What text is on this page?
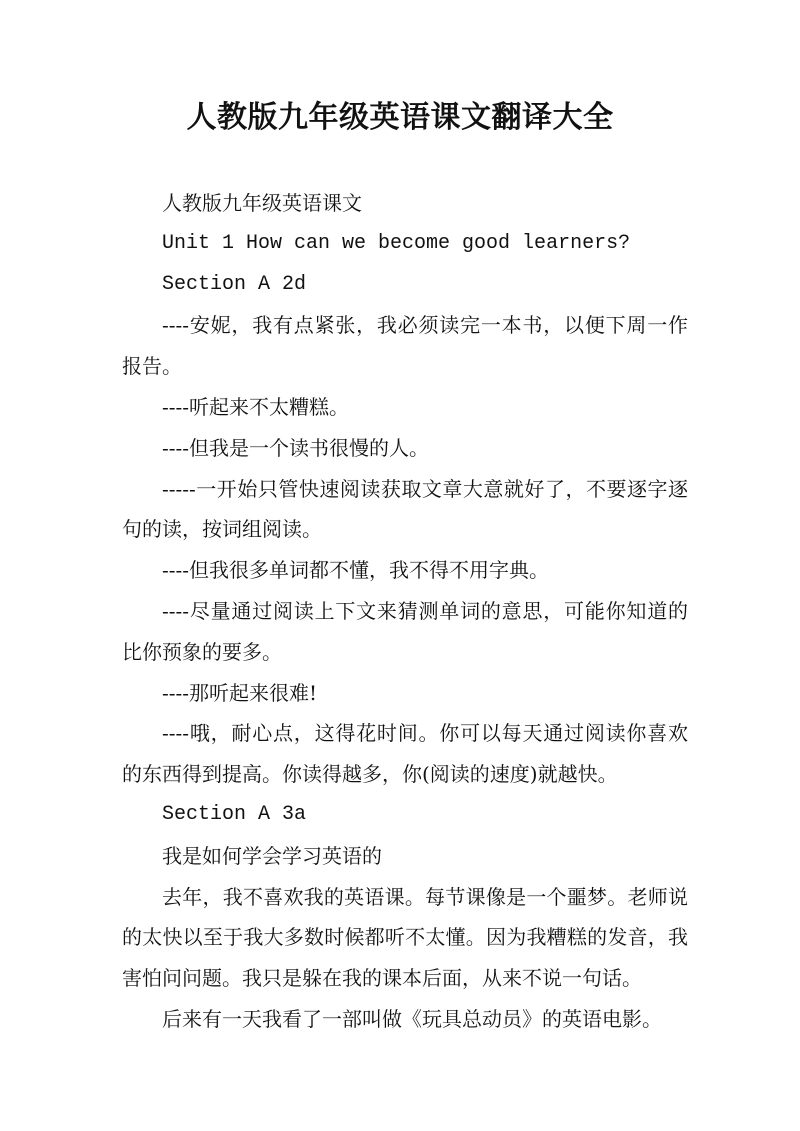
人教版九年级英语课文翻译大全

人教版九年级英语课文

Unit 1 How can we become good learners?

Section A 2d

----安妮，我有点紧张，我必须读完一本书，以便下周一作报告。

----听起来不太糟糕。

----但我是一个读书很慢的人。

-----一开始只管快速阅读获取文章大意就好了，不要逐字逐句的读，按词组阅读。

----但我很多单词都不懂，我不得不用字典。

----尽量通过阅读上下文来猜测单词的意思，可能你知道的比你预象的要多。

----那听起来很难!

----哦，耐心点，这得花时间。你可以每天通过阅读你喜欢的东西得到提高。你读得越多，你(阅读的速度)就越快。

Section A 3a

我是如何学会学习英语的

去年，我不喜欢我的英语课。每节课像是一个噩梦。老师说的太快以至于我大多数时候都听不太懂。因为我糟糕的发音，我害怕问问题。我只是躲在我的课本后面，从来不说一句话。

后来有一天我看了一部叫做《玩具总动员》的英语电影。
